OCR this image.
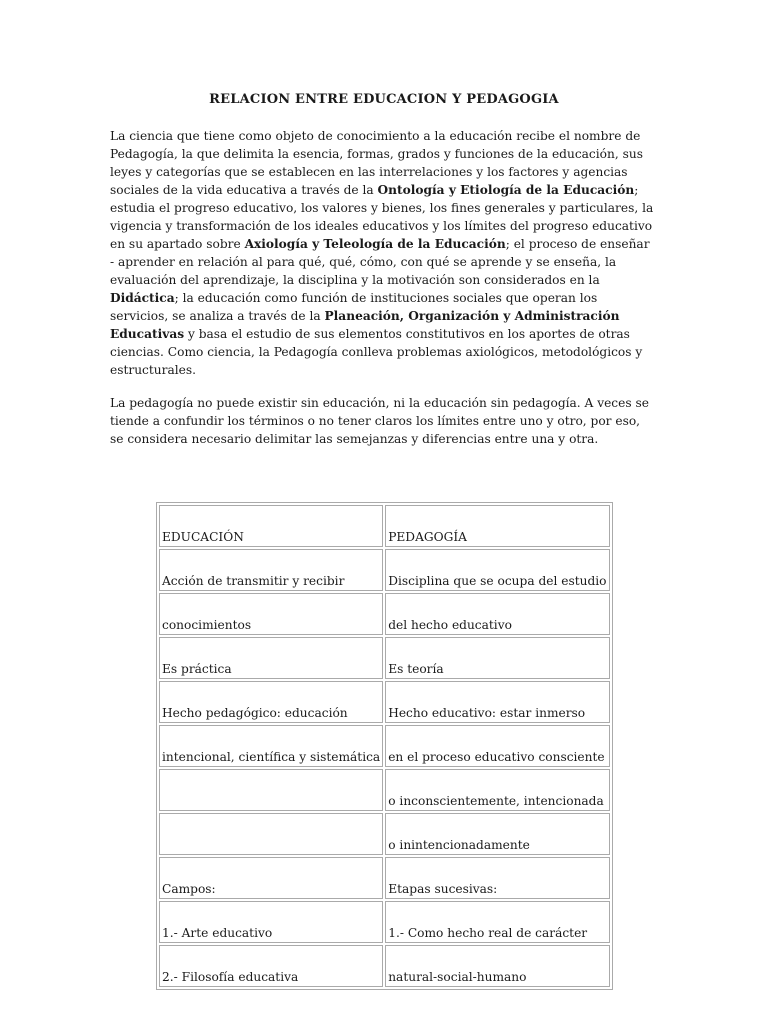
RELACION ENTRE EDUCACION Y PEDAGOGIA

La ciencia que tiene como objeto de conocimiento a la educación recibe el nombre de Pedagogía, la que delimita la esencia, formas, grados y funciones de la educación, sus leyes y categorías que se establecen en las interrelaciones y los factores y agencias sociales de la vida educativa a través de la Ontología y Etiología de la Educación; estudia el progreso educativo, los valores y bienes, los fines generales y particulares, la vigencia y transformación de los ideales educativos y los límites del progreso educativo en su apartado sobre Axiología y Teleología de la Educación; el proceso de enseñar - aprender en relación al para qué, qué, cómo, con qué se aprende y se enseña, la evaluación del aprendizaje, la disciplina y la motivación son considerados en la Didáctica; la educación como función de instituciones sociales que operan los servicios, se analiza a través de la Planeación, Organización y Administración Educativas y basa el estudio de sus elementos constitutivos en los aportes de otras ciencias. Como ciencia, la Pedagogía conlleva problemas axiológicos, metodológicos y estructurales.

La pedagogía no puede existir sin educación, ni la educación sin pedagogía. A veces se tiende a confundir los términos o no tener claros los límites entre uno y otro, por eso, se considera necesario delimitar las semejanzas y diferencias entre una y otra.

EDUCACIÓN	PEDAGOGÍA
Acción de transmitir y recibir	Disciplina que se ocupa del estudio
conocimientos	del hecho educativo
Es práctica	Es teoría
Hecho pedagógico: educación	Hecho educativo: estar inmerso
intencional, científica y sistemática	en el proceso educativo consciente
	o inconscientemente, intencionada
	o inintencionadamente
Campos:	Etapas sucesivas:
1.- Arte educativo	1.- Como hecho real de carácter
2.- Filosofía educativa	natural-social-humano
